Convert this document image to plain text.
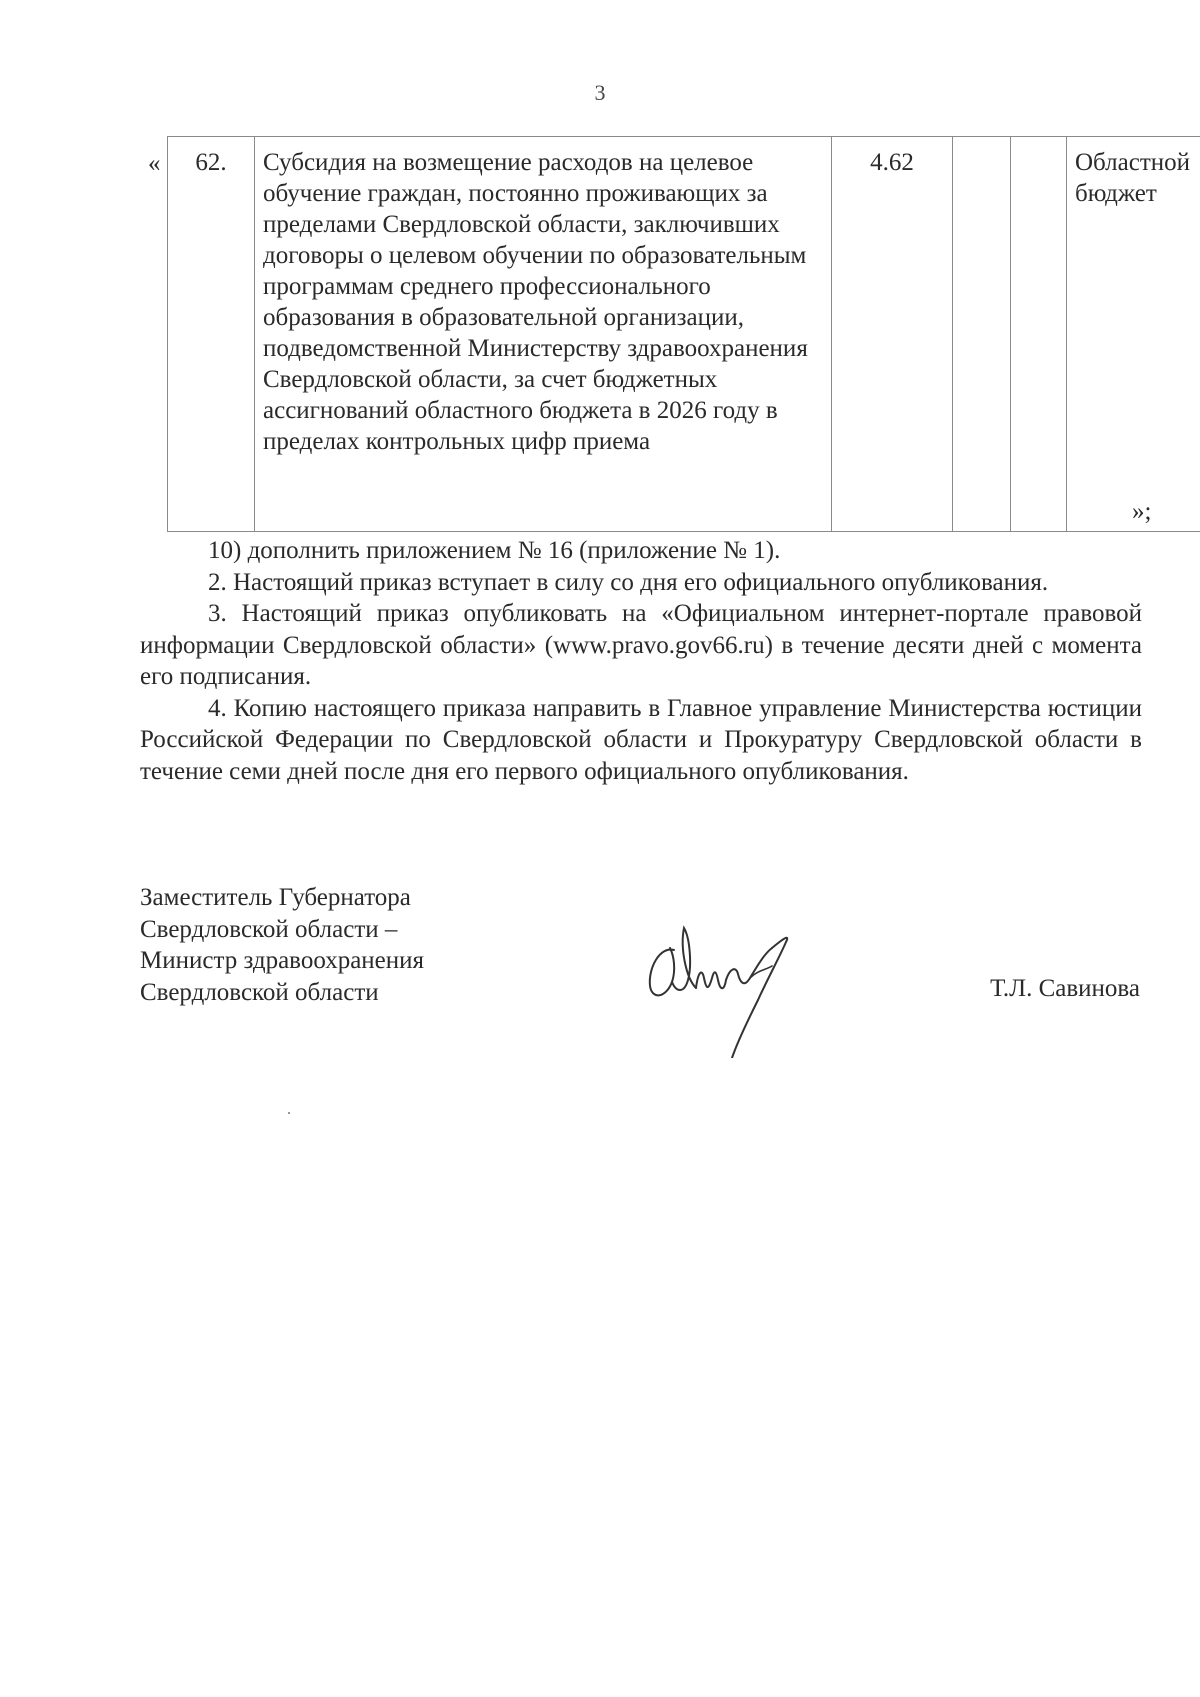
3
« 62.	Субсидия на возмещение расходов на целевое обучение граждан, постоянно проживающих за пределами Свердловской области, заключивших договоры о целевом обучении по образовательным программам среднего профессионального образования в образовательной организации, подведомственной Министерству здравоохранения Свердловской области, за счет бюджетных ассигнований областного бюджета в 2026 году в пределах контрольных цифр приема	4.62			Областной бюджет
»;

10) дополнить приложением № 16 (приложение № 1).

2. Настоящий приказ вступает в силу со дня его официального опубликования.

3. Настоящий приказ опубликовать на «Официальном интернет-портале правовой информации Свердловской области» (www.pravo.gov66.ru) в течение десяти дней с момента его подписания.

4. Копию настоящего приказа направить в Главное управление Министерства юстиции Российской Федерации по Свердловской области и Прокуратуру Свердловской области в течение семи дней после дня его первого официального опубликования.

Заместитель Губернатора
Свердловской области –
Министр здравоохранения
Свердловской области	Т.Л. Савинова
